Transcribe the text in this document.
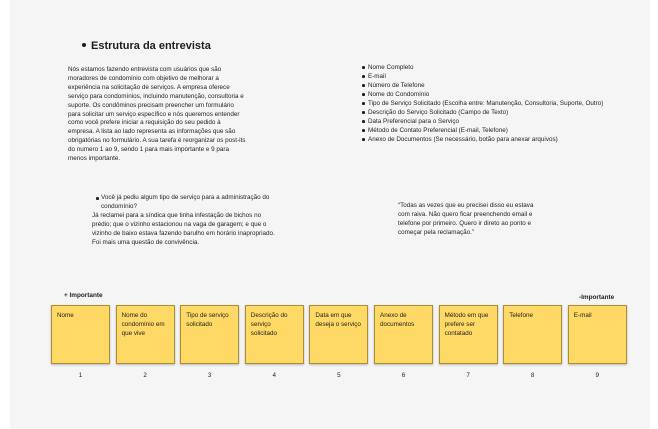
Estrutura da entrevista

Nós estamos fazendo entrevista com usuários que são moradores de condomínio com objetivo de melhorar a experiência na solicitação de serviços. A empresa oferece serviço para condomínios, incluindo manutenção, consultoria e suporte. Os condôminos precisam preencher um formulário para solicitar um serviço específico e nós queremos entender como você prefere iniciar a requisição do seu pedido à empresa. A lista ao lado representa as informações que são obrigatórias no formulário. A sua tarefa é reorganizar os post-its do numero 1 ao 9, sendo 1 para mais importante e 9 para menos importante.

Nome Completo
E-mail
Número de Telefone
Nome do Condomínio
Tipo de Serviço Solicitado (Escolha entre: Manutenção, Consultoria, Suporte, Outro)
Descrição do Serviço Solicitado (Campo de Texto)
Data Preferencial para o Serviço
Método de Contato Preferencial (E-mail, Telefone)
Anexo de Documentos (Se necessário, botão para anexar arquivos)

Você já pediu algum tipo de serviço para a administração do condomínio?

Já reclamei para a síndica que tinha infestação de bichos no prédio; que o vizinho estacionou na vaga de garagem; e que o vizinho de baixo estava fazendo barulho em horário inapropriado. Foi mais uma questão de convivência.

“Todas as vezes que eu precisei disso eu estava com raiva. Não quero ficar preenchendo email e telefone por primeiro. Quero ir direto ao ponto e começar pela reclamação.”

+ Importante	-Importante
Nome	Nome do condomínio em que vive
Tipo de serviço solicitado
Descrição do serviço solicitado
Data em que deseja o serviço
Anexo de documentos
Método em que prefere ser contatado
Telefone	E-mail
1	2	3	4	5	6	7	8	9
